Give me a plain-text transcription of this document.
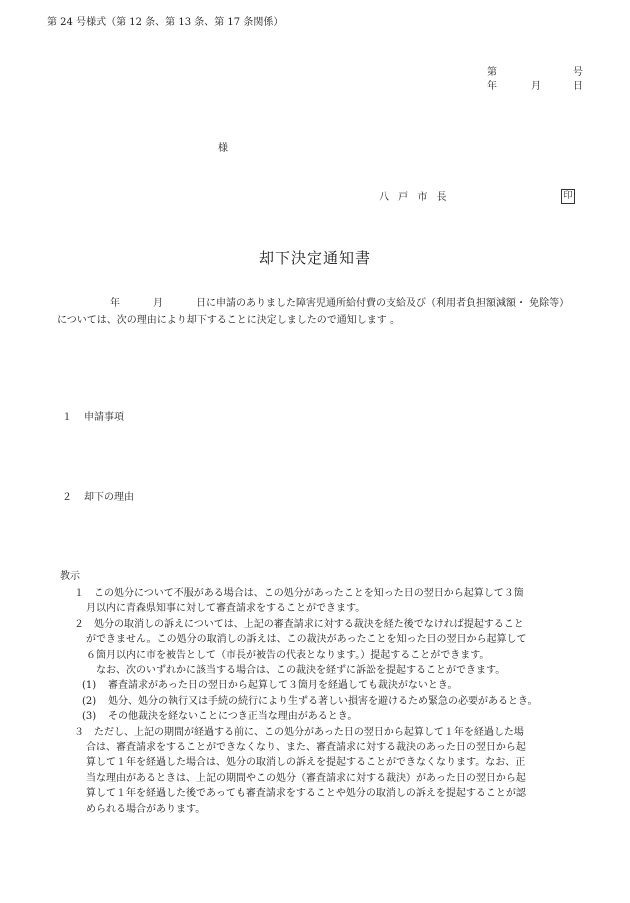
第 24 号様式（第 12 条、第 13 条、第 17 条関係）
第	号
年	月	日
様
八 戸 市 長	印
却下決定通知書
年	月	日に申請のありました障害児通所給付費の支給及び（利用者負担額減額・ 免除等）
については、次の理由により却下することに決定しましたので通知します 。
１ 申請事項
２ 却下の理由
教示

１　この処分について不服がある場合は、この処分があったことを知った日の翌日から起算して３箇

月以内に青森県知事に対して審査請求をすることができます。

２　処分の取消しの訴えについては、上記の審査請求に対する裁決を経た後でなければ提起すること

ができません。この処分の取消しの訴えは、この裁決があったことを知った日の翌日から起算して

６箇月以内に市を被告として（市長が被告の代表となります。）提起することができます。

　なお、次のいずれかに該当する場合は、この裁決を経ずに訴訟を提起することができます。

(1) 審査請求があった日の翌日から起算して３箇月を経過しても裁決がないとき。

(2) 処分、処分の執行又は手続の続行により生ずる著しい損害を避けるため緊急の必要があるとき。

(3) その他裁決を経ないことにつき正当な理由があるとき。

３　ただし、上記の期間が経過する前に、この処分があった日の翌日から起算して１年を経過した場

合は、審査請求をすることができなくなり、また、審査請求に対する裁決のあった日の翌日から起

算して１年を経過した場合は、処分の取消しの訴えを提起することができなくなります。なお、正

当な理由があるときは、上記の期間やこの処分（審査請求に対する裁決）があった日の翌日から起

算して１年を経過した後であっても審査請求をすることや処分の取消しの訴えを提起することが認

められる場合があります。
